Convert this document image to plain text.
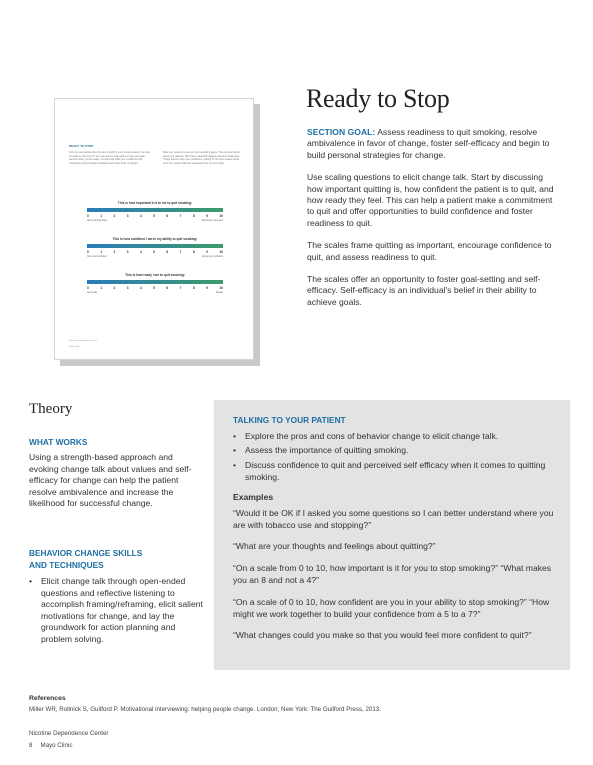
READY TO STOP
Only you can decide when the time is right for you to stop smoking. You may be ready to stop now. Or you may want to make plans to help you reach success when you are ready. You can help build your confidence with counseling, stop-smoking medications and other kinds of support.
Rate your reasons to use and your specific triggers. Then tell your doctor about your patterns. Plan how to deal with triggers and other challenges. Things that can help your confidence: quitting for the three scales below, circle the number that best represents how you feel today.
This is how important it is to me to quit smoking:
0	1	2	3	4	5	6	7	8	9	10
Not at all important	Extremely important
This is how confident I am in my ability to quit smoking:
0	1	2	3	4	5	6	7	8	9	10
Not at all confident	Extremely confident
This is how ready I am to quit smoking:
0	1	2	3	4	5	6	7	8	9	10
Not ready	Ready
Nicotine Dependence Center
Mayo Clinic
Ready to Stop

SECTION GOAL: Assess readiness to quit smoking, resolve ambivalence in favor of change, foster self-efficacy and begin to build personal strategies for change.

Use scaling questions to elicit change talk. Start by discussing how important quitting is, how confident the patient is to quit, and how ready they feel. This can help a patient make a commitment to quit and offer opportunities to build confidence and foster readiness to quit.

The scales frame quitting as important, encourage confidence to quit, and assess readiness to quit.

The scales offer an opportunity to foster goal-setting and self-efficacy. Self-efficacy is an individual's belief in their ability to achieve goals.

Theory
WHAT WORKS
Using a strength-based approach and evoking change talk about values and self-efficacy for change can help the patient resolve ambivalence and increase the likelihood for successful change.
BEHAVIOR CHANGE SKILLS
AND TECHNIQUES
• Elicit change talk through open-ended questions and reflective listening to accomplish framing/reframing, elicit salient motivations for change, and lay the groundwork for action planning and problem solving.
TALKING TO YOUR PATIENT
• Explore the pros and cons of behavior change to elicit change talk.
• Assess the importance of quitting smoking.
• Discuss confidence to quit and perceived self efficacy when it comes to quitting smoking.
Examples
“Would it be OK if I asked you some questions so I can better understand where you are with tobacco use and stopping?”
“What are your thoughts and feelings about quitting?”
“On a scale from 0 to 10, how important is it for you to stop smoking?” “What makes you an 8 and not a 4?”
“On a scale of 0 to 10, how confident are you in your ability to stop smoking?” “How might we work together to build your confidence from a 5 to a 7?”
“What changes could you make so that you would feel more confident to quit?”
References
Miller WR, Rollnick S, Guilford P. Motivational interviewing: helping people change. London; New York: The Guilford Press, 2013.
Nicotine Dependence Center
8 Mayo Clinic
